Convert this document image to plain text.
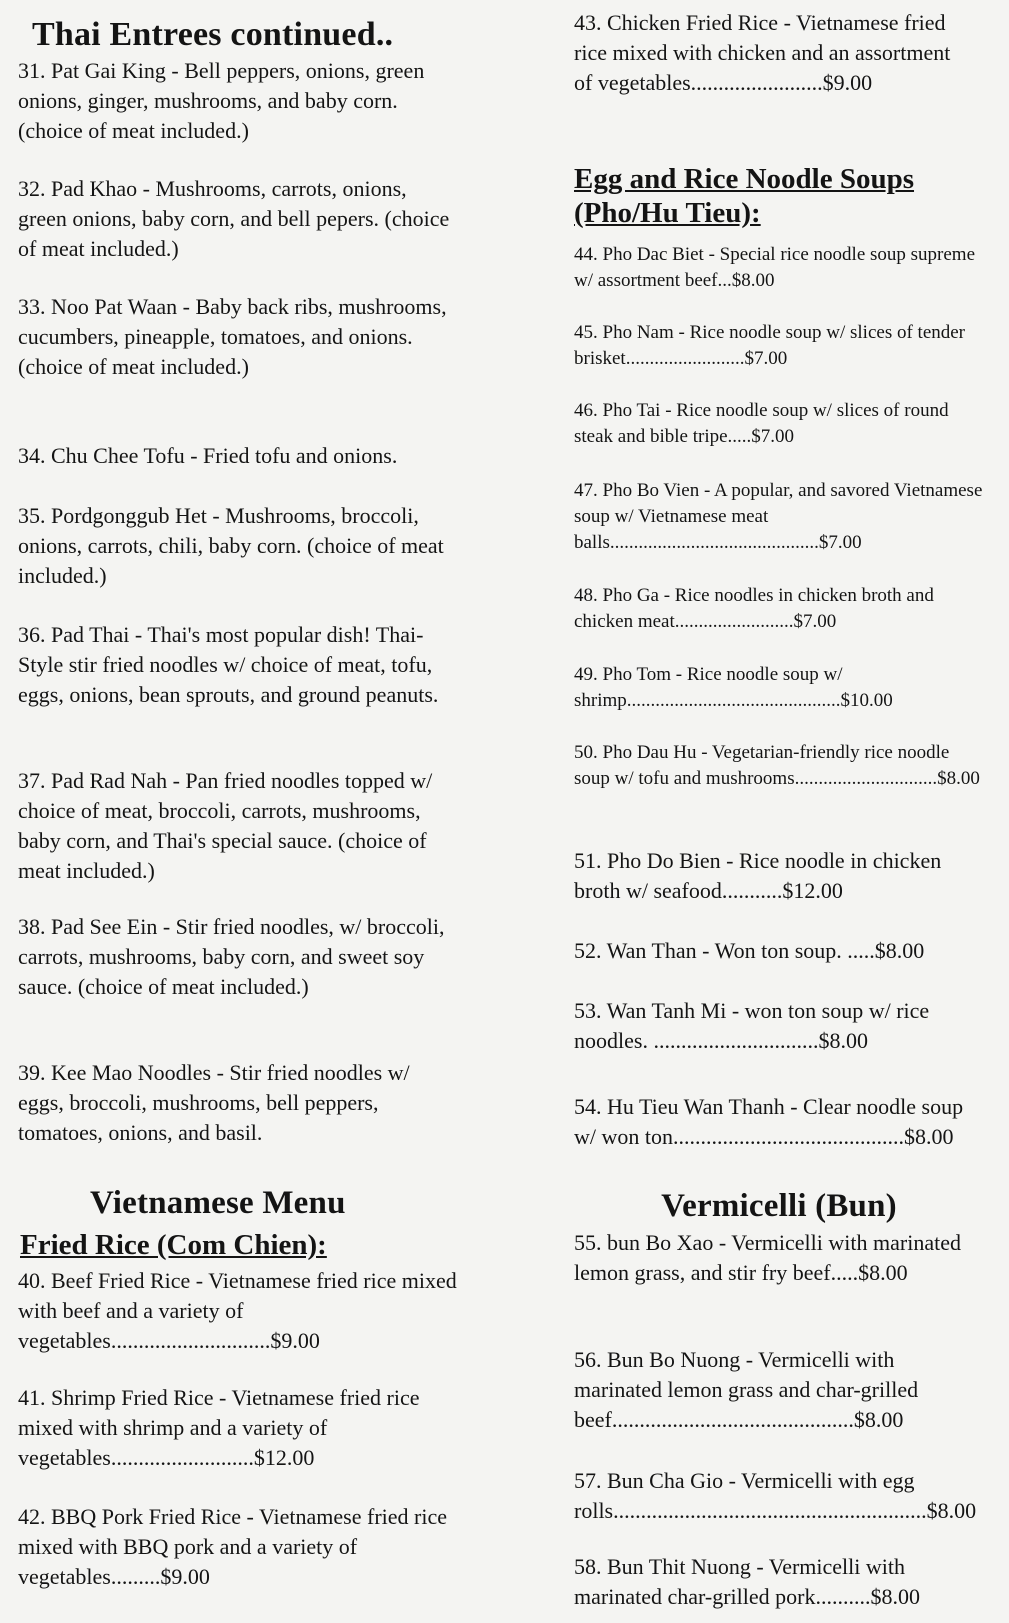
Thai Entrees continued..

31. Pat Gai King - Bell peppers, onions, green onions, ginger, mushrooms, and baby corn. (choice of meat included.)

32. Pad Khao - Mushrooms, carrots, onions, green onions, baby corn, and bell pepers. (choice of meat included.)

33. Noo Pat Waan - Baby back ribs, mushrooms, cucumbers, pineapple, tomatoes, and onions. (choice of meat included.)

34. Chu Chee Tofu - Fried tofu and onions.

35. Pordgonggub Het - Mushrooms, broccoli, onions, carrots, chili, baby corn. (choice of meat included.)

36. Pad Thai - Thai's most popular dish! Thai-Style stir fried noodles w/ choice of meat, tofu, eggs, onions, bean sprouts, and ground peanuts.

37. Pad Rad Nah - Pan fried noodles topped w/ choice of meat, broccoli, carrots, mushrooms, baby corn, and Thai's special sauce. (choice of meat included.)

38. Pad See Ein - Stir fried noodles, w/ broccoli, carrots, mushrooms, baby corn, and sweet soy sauce. (choice of meat included.)

39. Kee Mao Noodles - Stir fried noodles w/ eggs, broccoli, mushrooms, bell peppers, tomatoes, onions, and basil.

Vietnamese Menu
Fried Rice (Com Chien):

40. Beef Fried Rice - Vietnamese fried rice mixed with beef and a variety of vegetables.............................$9.00

41. Shrimp Fried Rice - Vietnamese fried rice mixed with shrimp and a variety of vegetables..........................$12.00

42. BBQ Pork Fried Rice - Vietnamese fried rice mixed with BBQ pork and a variety of vegetables.........$9.00

43. Chicken Fried Rice - Vietnamese fried rice mixed with chicken and an assortment of vegetables........................$9.00

Egg and Rice Noodle Soups (Pho/Hu Tieu):

44. Pho Dac Biet - Special rice noodle soup supreme w/ assortment beef...$8.00

45. Pho Nam - Rice noodle soup w/ slices of tender brisket.........................$7.00

46. Pho Tai - Rice noodle soup w/ slices of round steak and bible tripe.....$7.00

47. Pho Bo Vien - A popular, and savored Vietnamese soup w/ Vietnamese meat balls............................................$7.00

48. Pho Ga - Rice noodles in chicken broth and chicken meat.........................$7.00

49. Pho Tom - Rice noodle soup w/ shrimp.............................................$10.00

50. Pho Dau Hu - Vegetarian-friendly rice noodle soup w/ tofu and mushrooms..............................$8.00

51. Pho Do Bien - Rice noodle in chicken broth w/ seafood...........$12.00

52. Wan Than - Won ton soup. .....$8.00

53. Wan Tanh Mi - won ton soup w/ rice noodles. ..............................$8.00

54. Hu Tieu Wan Thanh - Clear noodle soup w/ won ton..........................................$8.00

Vermicelli (Bun)

55. bun Bo Xao - Vermicelli with marinated lemon grass, and stir fry beef.....$8.00

56. Bun Bo Nuong - Vermicelli with marinated lemon grass and char-grilled beef............................................$8.00

57. Bun Cha Gio - Vermicelli with egg rolls.........................................................$8.00

58. Bun Thit Nuong - Vermicelli with marinated char-grilled pork..........$8.00
